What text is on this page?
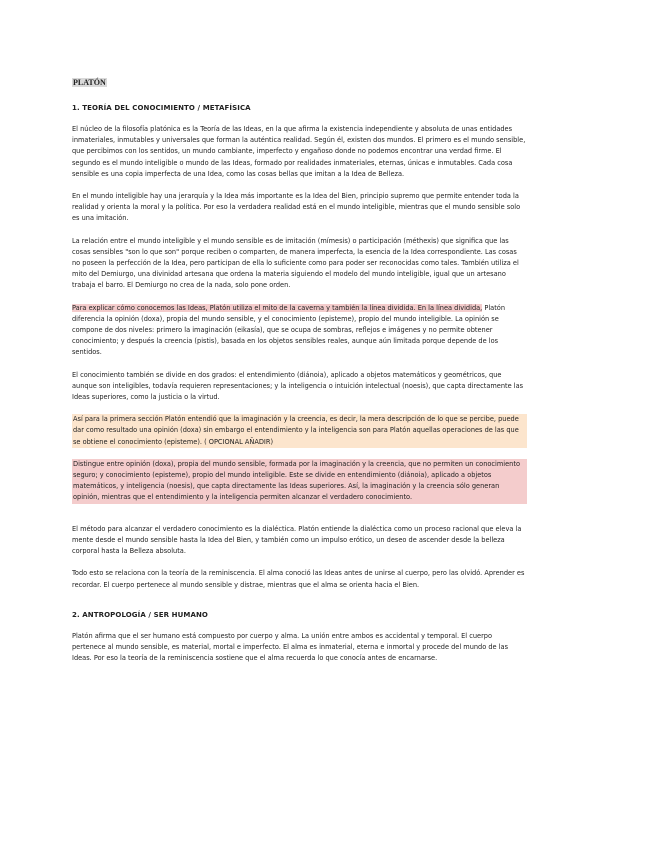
PLATÓN
1. TEORÍA DEL CONOCIMIENTO / METAFÍSICA

El núcleo de la filosofía platónica es la Teoría de las Ideas, en la que afirma la existencia independiente y absoluta de unas entidades inmateriales, inmutables y universales que forman la auténtica realidad. Según él, existen dos mundos. El primero es el mundo sensible, que percibimos con los sentidos, un mundo cambiante, imperfecto y engañoso donde no podemos encontrar una verdad firme. El segundo es el mundo inteligible o mundo de las Ideas, formado por realidades inmateriales, eternas, únicas e inmutables. Cada cosa sensible es una copia imperfecta de una Idea, como las cosas bellas que imitan a la Idea de Belleza.

En el mundo inteligible hay una jerarquía y la Idea más importante es la Idea del Bien, principio supremo que permite entender toda la realidad y orienta la moral y la política. Por eso la verdadera realidad está en el mundo inteligible, mientras que el mundo sensible solo es una imitación.

La relación entre el mundo inteligible y el mundo sensible es de imitación (mímesis) o participación (méthexis) que significa que las cosas sensibles "son lo que son" porque reciben o comparten, de manera imperfecta, la esencia de la Idea correspondiente. Las cosas no poseen la perfección de la Idea, pero participan de ella lo suficiente como para poder ser reconocidas como tales. También utiliza el mito del Demiurgo, una divinidad artesana que ordena la materia siguiendo el modelo del mundo inteligible, igual que un artesano trabaja el barro. El Demiurgo no crea de la nada, solo pone orden.

Para explicar cómo conocemos las Ideas, Platón utiliza el mito de la caverna y también la línea dividida. En la línea dividida, Platón diferencia la opinión (doxa), propia del mundo sensible, y el conocimiento (episteme), propio del mundo inteligible. La opinión se compone de dos niveles: primero la imaginación (eikasía), que se ocupa de sombras, reflejos e imágenes y no permite obtener conocimiento; y después la creencia (pistis), basada en los objetos sensibles reales, aunque aún limitada porque depende de los sentidos.

El conocimiento también se divide en dos grados: el entendimiento (diánoia), aplicado a objetos matemáticos y geométricos, que aunque son inteligibles, todavía requieren representaciones; y la inteligencia o intuición intelectual (noesis), que capta directamente las Ideas superiores, como la justicia o la virtud.

Así para la primera sección Platón entendió que la imaginación y la creencia, es decir, la mera descripción de lo que se percibe, puede dar como resultado una opinión (doxa) sin embargo el entendimiento y la inteligencia son para Platón aquellas operaciones de las que se obtiene el conocimiento (episteme). ( OPCIONAL AÑADIR)

Distingue entre opinión (doxa), propia del mundo sensible, formada por la imaginación y la creencia, que no permiten un conocimiento seguro; y conocimiento (episteme), propio del mundo inteligible. Este se divide en entendimiento (diánoia), aplicado a objetos matemáticos, y inteligencia (noesis), que capta directamente las Ideas superiores. Así, la imaginación y la creencia sólo generan opinión, mientras que el entendimiento y la inteligencia permiten alcanzar el verdadero conocimiento.

El método para alcanzar el verdadero conocimiento es la dialéctica. Platón entiende la dialéctica como un proceso racional que eleva la mente desde el mundo sensible hasta la Idea del Bien, y también como un impulso erótico, un deseo de ascender desde la belleza corporal hasta la Belleza absoluta.

Todo esto se relaciona con la teoría de la reminiscencia. El alma conoció las Ideas antes de unirse al cuerpo, pero las olvidó. Aprender es recordar. El cuerpo pertenece al mundo sensible y distrae, mientras que el alma se orienta hacia el Bien.

2. ANTROPOLOGÍA / SER HUMANO

Platón afirma que el ser humano está compuesto por cuerpo y alma. La unión entre ambos es accidental y temporal. El cuerpo pertenece al mundo sensible, es material, mortal e imperfecto. El alma es inmaterial, eterna e inmortal y procede del mundo de las Ideas. Por eso la teoría de la reminiscencia sostiene que el alma recuerda lo que conocía antes de encarnarse.
